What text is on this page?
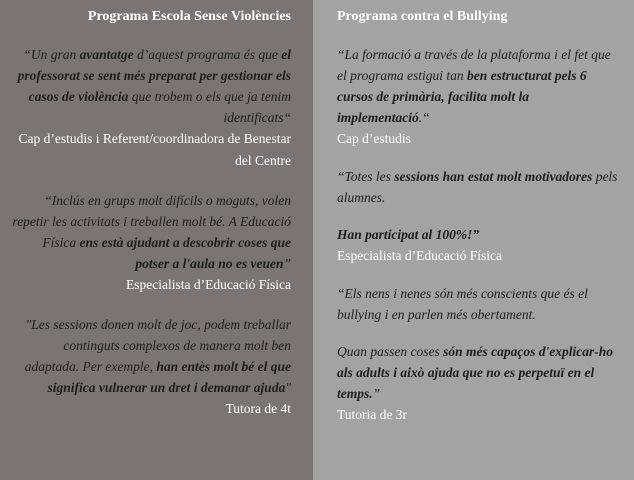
Programa Escola Sense Violències

“Un gran avantatge d’aquest programa és que el professorat se sent més preparat per gestionar els casos de violència que trobem o els que ja tenim identificats“

Cap d’estudis i Referent/coordinadora de Benestar del Centre

“Inclús en grups molt difícils o moguts, volen repetir les activitats i treballen molt bé. A Educació Física ens està ajudant a descobrir coses que potser a l'aula no es veuen”

Especialista d’Educació Física

"Les sessions donen molt de joc, podem treballar continguts complexos de manera molt ben adaptada. Per exemple, han entès molt bé el que significa vulnerar un dret i demanar ajuda"

Tutora de 4t

Programa contra el Bullying

“La formació a través de la plataforma i el fet que el programa estigui tan ben estructurat pels 6 cursos de primària, facilita molt la implementació.“

Cap d’estudis

“Totes les sessions han estat molt motivadores pels alumnes.

Han participat al 100%!”

Especialista d’Educació Física

“Els nens i nenes són més conscients que és el bullying i en parlen més obertament.

Quan passen coses són més capaços d'explicar-ho als adults i això ajuda que no es perpetuï en el temps.”

Tutoria de 3r
